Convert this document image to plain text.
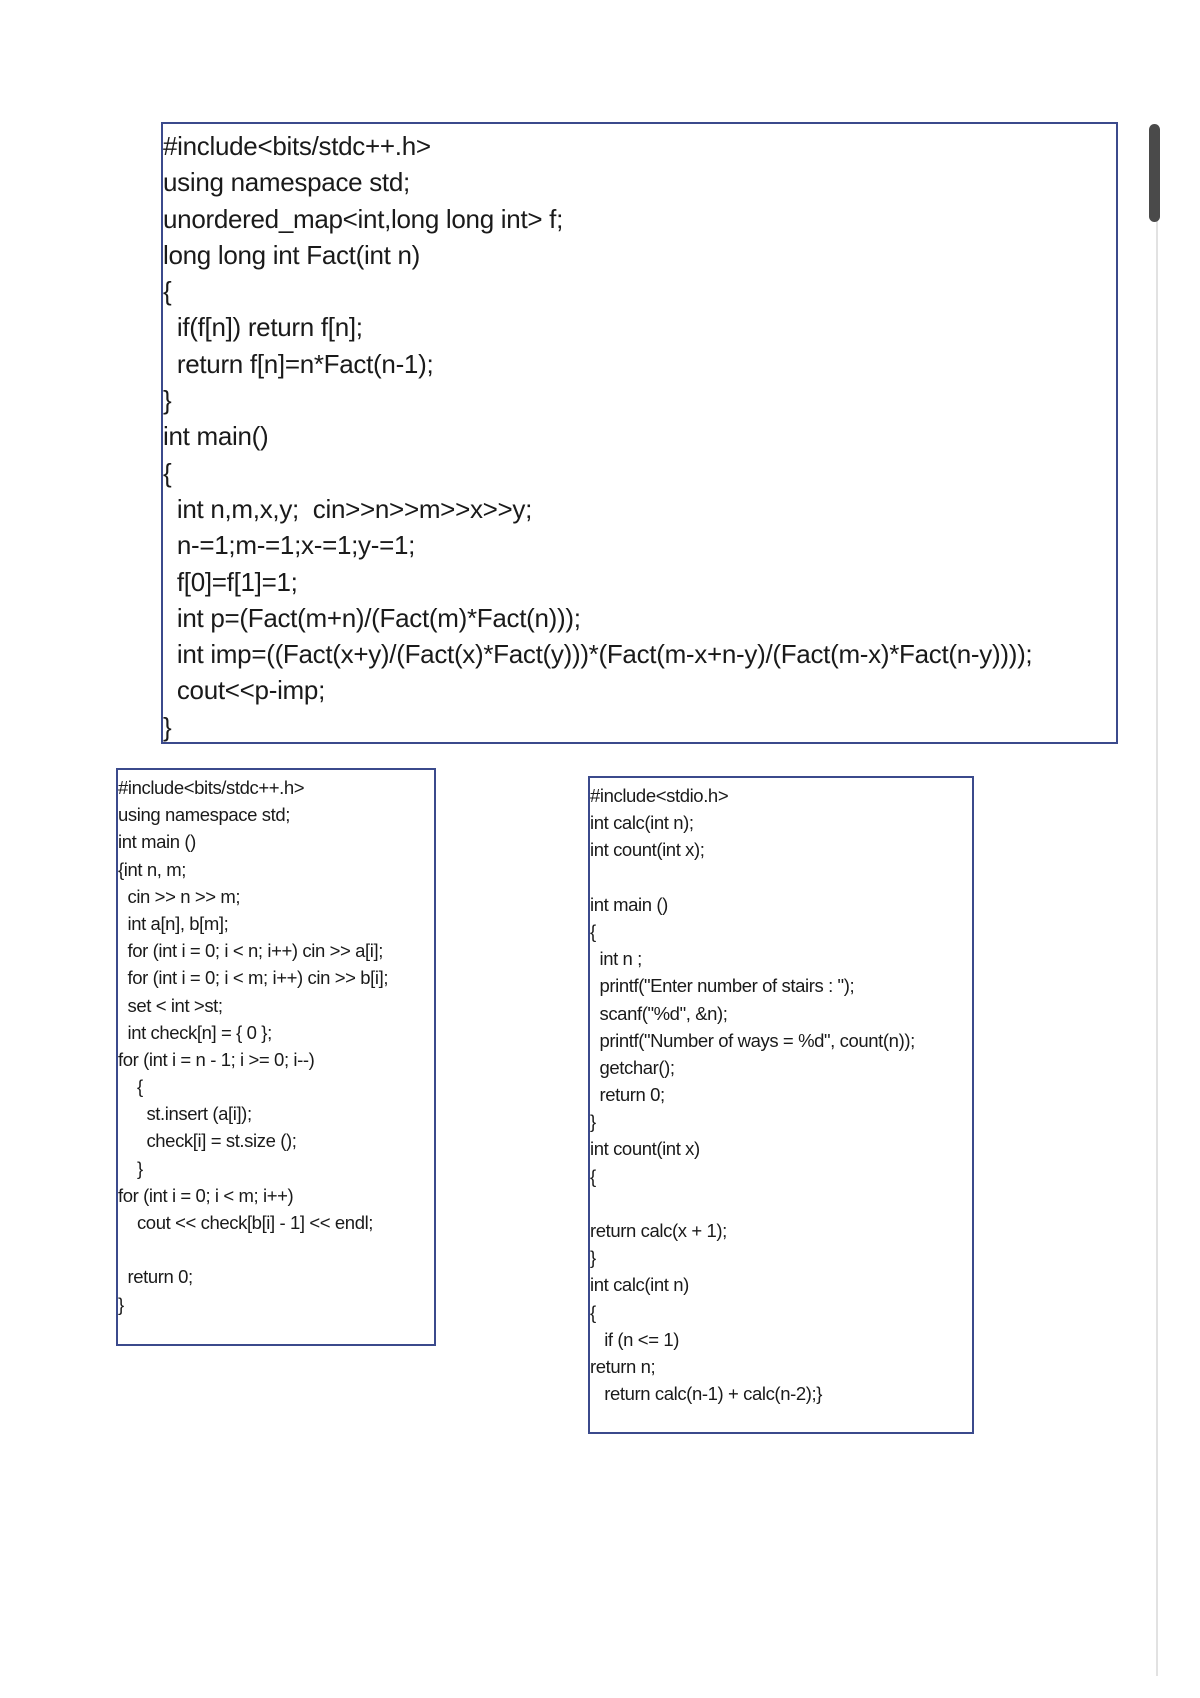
#include<bits/stdc++.h>
using namespace std;
unordered_map<int,long long int> f;
long long int Fact(int n)
{
if(f[n]) return f[n];
return f[n]=n*Fact(n-1);
}
int main()
{
int n,m,x,y;  cin>>n>>m>>x>>y;
n-=1;m-=1;x-=1;y-=1;
f[0]=f[1]=1;
int p=(Fact(m+n)/(Fact(m)*Fact(n)));
int imp=((Fact(x+y)/(Fact(x)*Fact(y)))*(Fact(m-x+n-y)/(Fact(m-x)*Fact(n-y))));
cout<<p-imp;
}
#include<bits/stdc++.h>
using namespace std;
int main ()
{int n, m;
cin >> n >> m;
int a[n], b[m];
for (int i = 0; i < n; i++) cin >> a[i];
for (int i = 0; i < m; i++) cin >> b[i];
set < int >st;
int check[n] = { 0 };
for (int i = n - 1; i >= 0; i--)
{
st.insert (a[i]);
check[i] = st.size ();
}
for (int i = 0; i < m; i++)
cout << check[b[i] - 1] << endl;
return 0;
}
#include<stdio.h>
int calc(int n);
int count(int x);
int main ()
{
int n ;
printf("Enter number of stairs : ");
scanf("%d", &n);
printf("Number of ways = %d", count(n));
getchar();
return 0;
}
int count(int x)
{
return calc(x + 1);
}
int calc(int n)
{
if (n <= 1)
return n;
return calc(n-1) + calc(n-2);}
